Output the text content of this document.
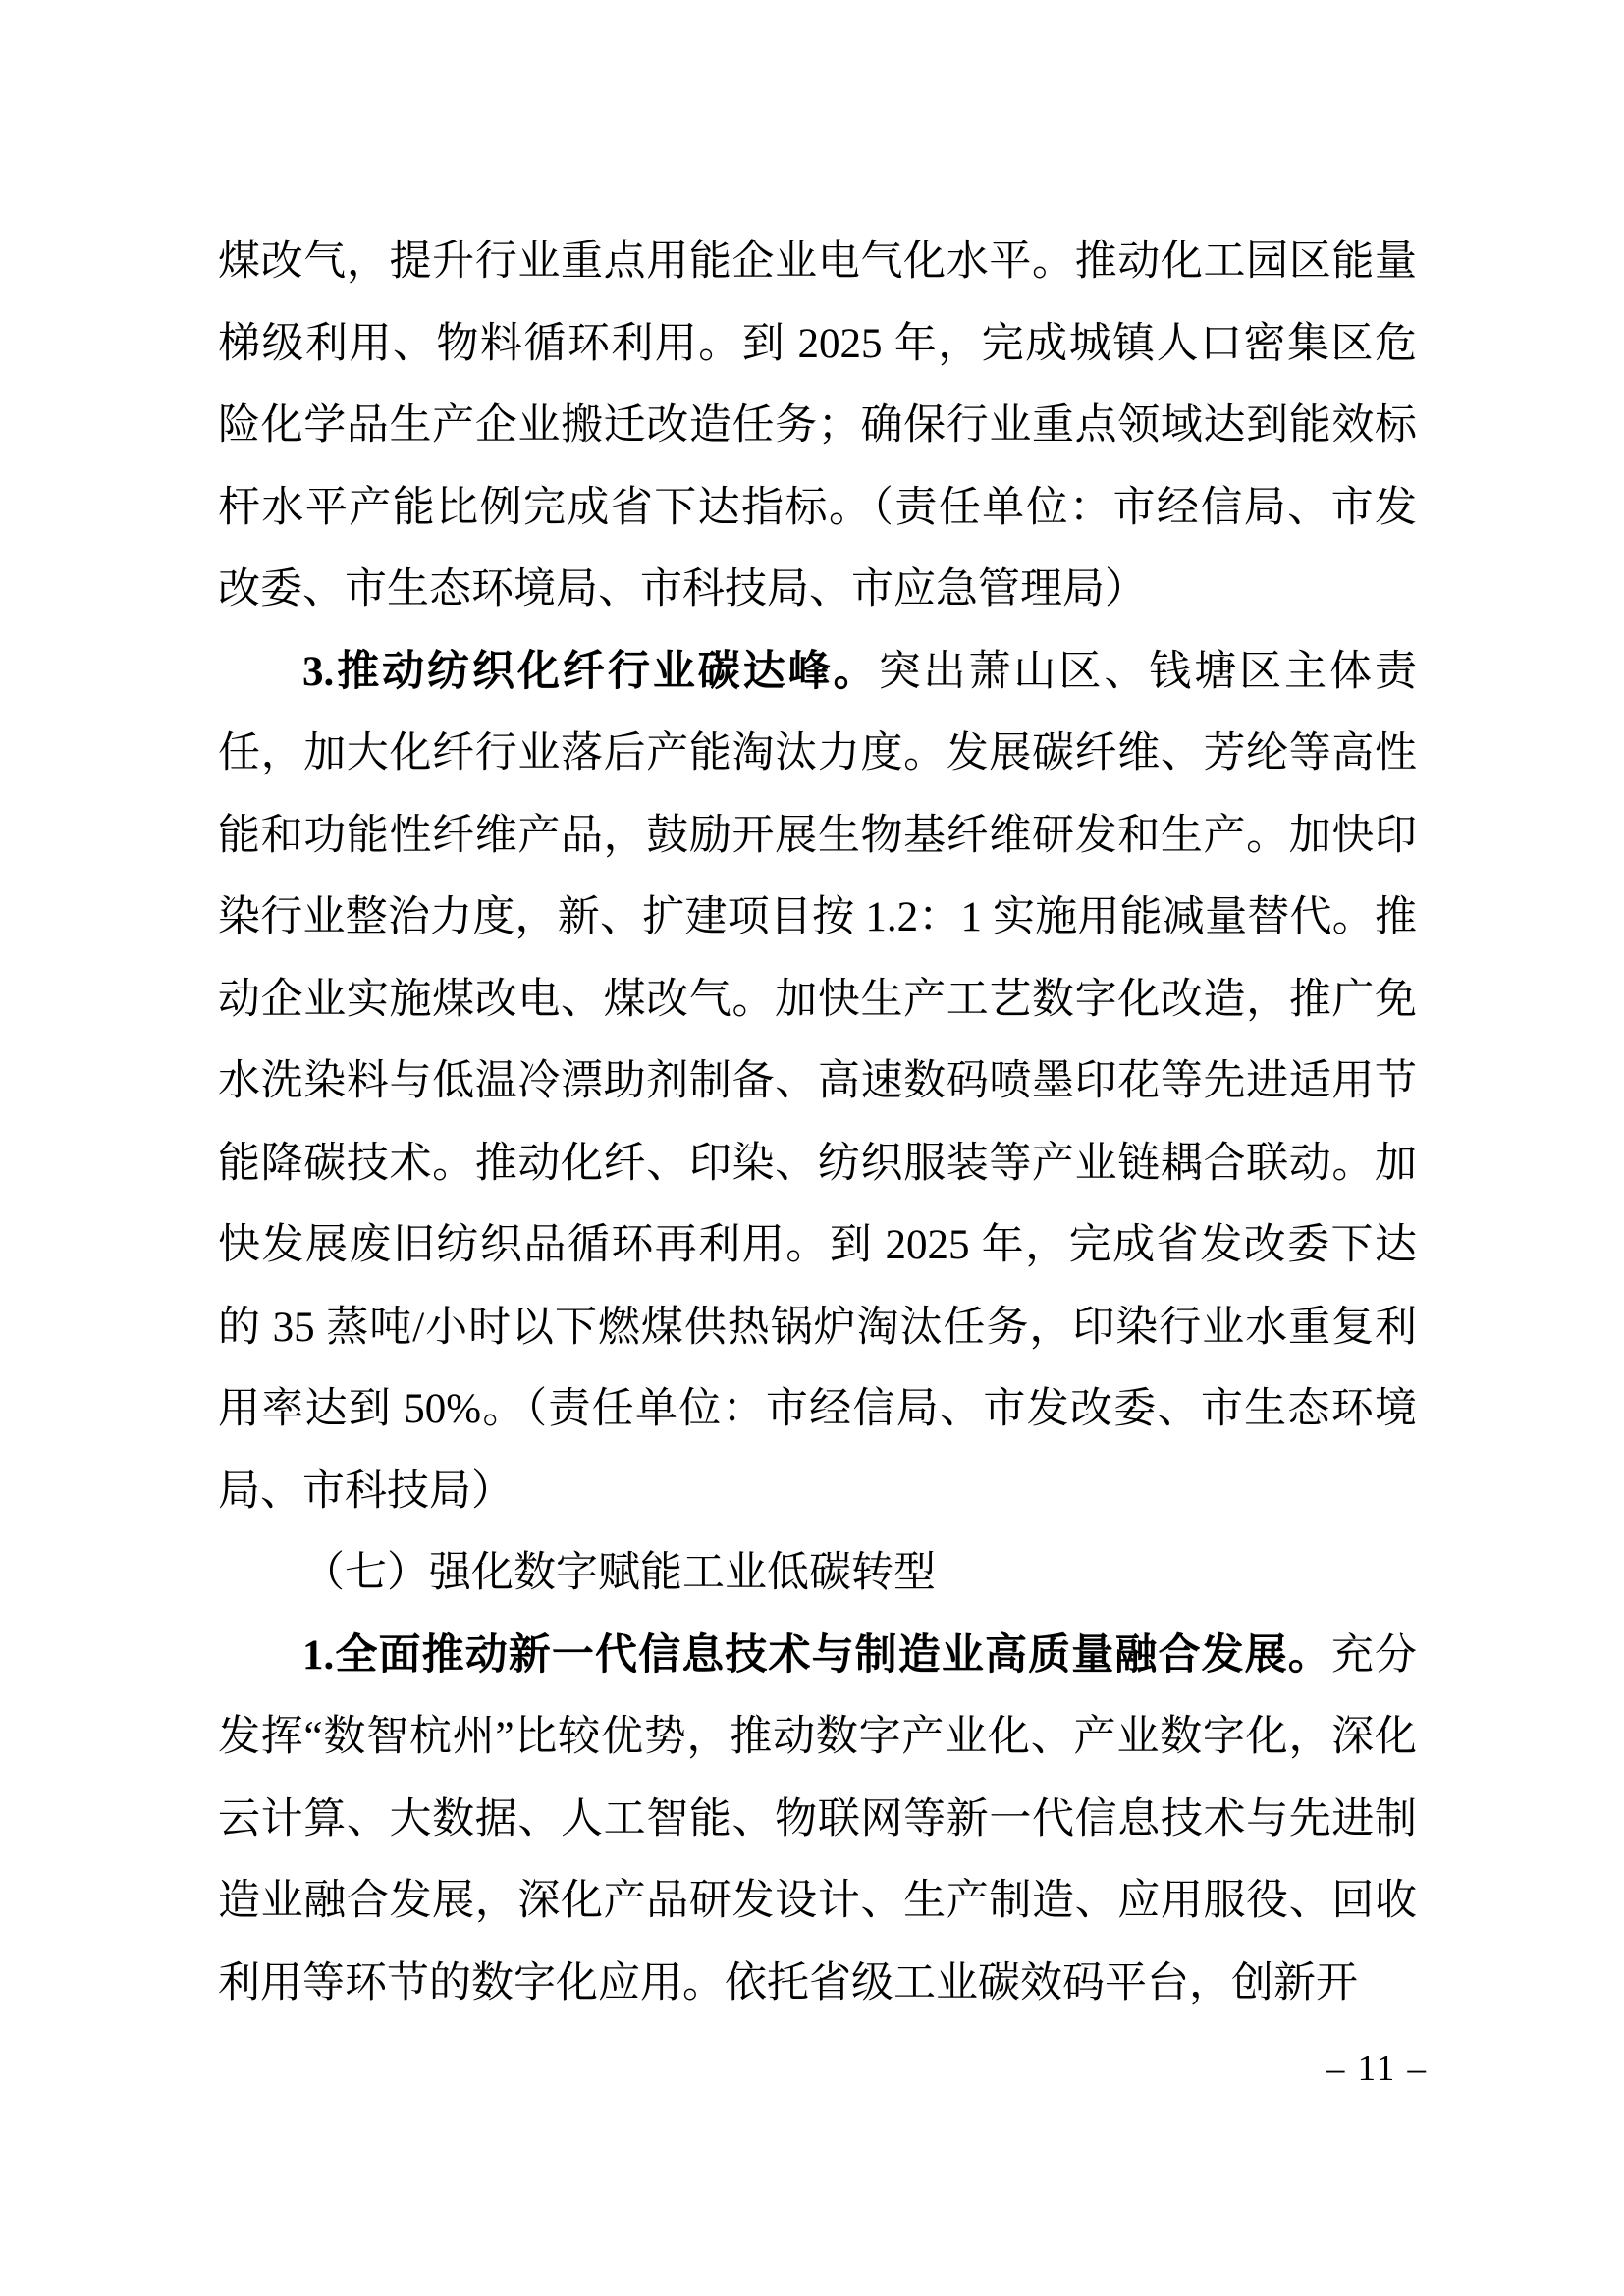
煤改气，提升行业重点用能企业电气化水平。推动化工园区能量梯级利用、物料循环利用。到 2025 年，完成城镇人口密集区危险化学品生产企业搬迁改造任务；确保行业重点领域达到能效标杆水平产能比例完成省下达指标。（责任单位：市经信局、市发改委、市生态环境局、市科技局、市应急管理局）

3.推动纺织化纤行业碳达峰。突出萧山区、钱塘区主体责任，加大化纤行业落后产能淘汰力度。发展碳纤维、芳纶等高性能和功能性纤维产品，鼓励开展生物基纤维研发和生产。加快印染行业整治力度，新、扩建项目按 1.2：1 实施用能减量替代。推动企业实施煤改电、煤改气。加快生产工艺数字化改造，推广免水洗染料与低温冷漂助剂制备、高速数码喷墨印花等先进适用节能降碳技术。推动化纤、印染、纺织服装等产业链耦合联动。加快发展废旧纺织品循环再利用。到 2025 年，完成省发改委下达的 35 蒸吨/小时以下燃煤供热锅炉淘汰任务，印染行业水重复利用率达到 50%。（责任单位：市经信局、市发改委、市生态环境局、市科技局）

（七）强化数字赋能工业低碳转型

1.全面推动新一代信息技术与制造业高质量融合发展。充分发挥“数智杭州”比较优势，推动数字产业化、产业数字化，深化云计算、大数据、人工智能、物联网等新一代信息技术与先进制造业融合发展，深化产品研发设计、生产制造、应用服役、回收利用等环节的数字化应用。依托省级工业碳效码平台，创新开

– 11 –
